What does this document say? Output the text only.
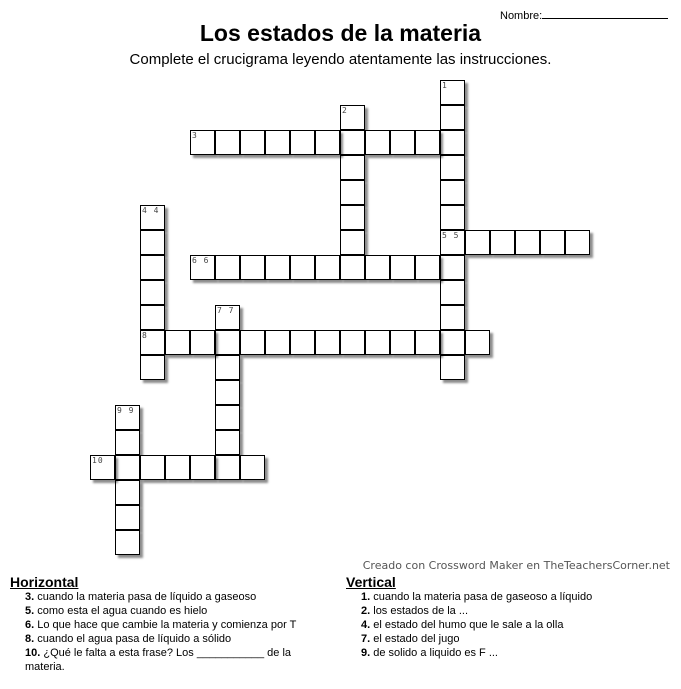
Nombre:
Los estados de la materia
Complete el crucigrama leyendo atentamente las instrucciones.
1
5 5
2
3
4 4
8
6 6
7 7
9 9
10
Creado con Crossword Maker en TheTeachersCorner.net
Horizontal
3. cuando la materia pasa de líquido a gaseoso
5. como esta el agua cuando es hielo
6. Lo que hace que cambie la materia y comienza por T
8. cuando el agua pasa de líquido a sólido
10. ¿Qué le falta a esta frase? Los ___________ de la materia.
Vertical
1. cuando la materia pasa de gaseoso a líquido
2. los estados de la ...
4. el estado del humo que le sale a la olla
7. el estado del jugo
9. de solido a liquido es F ...
